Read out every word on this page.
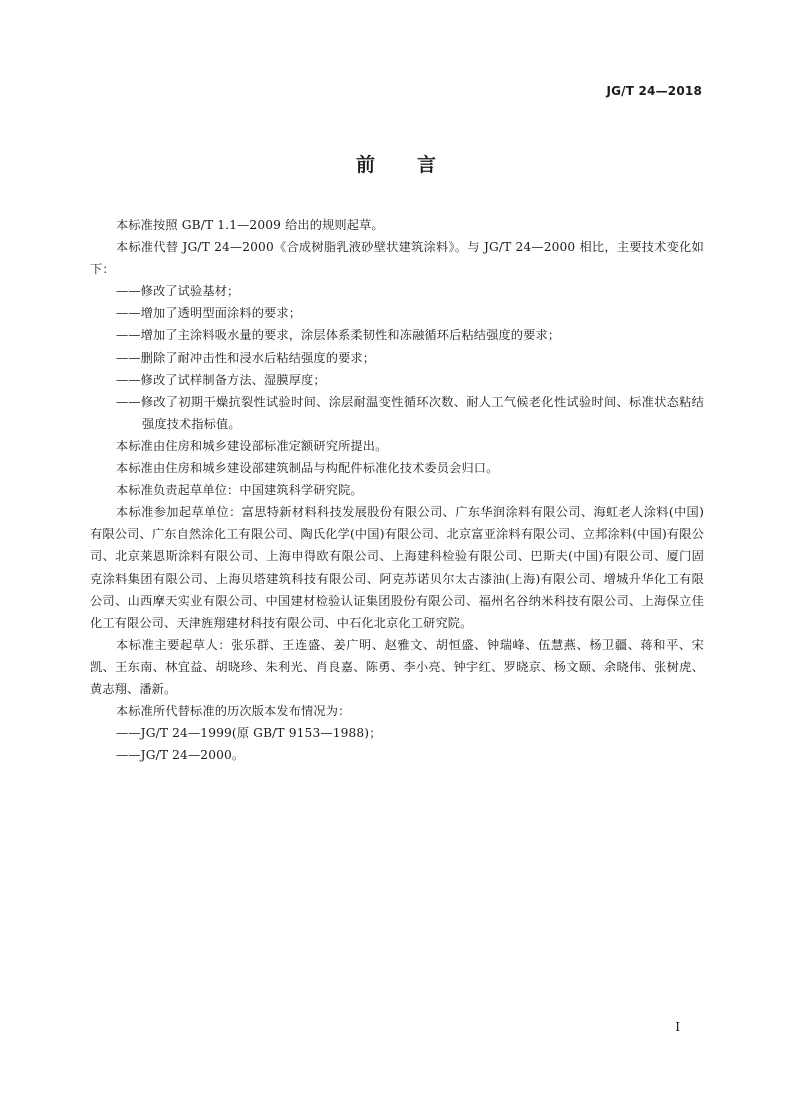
JG/T 24—2018
前言

本标准按照 GB/T 1.1—2009 给出的规则起草。

本标准代替 JG/T 24—2000《合成树脂乳液砂壁状建筑涂料》。与 JG/T 24—2000 相比，主要技术变化如下：

——修改了试验基材；

——增加了透明型面涂料的要求；

——增加了主涂料吸水量的要求，涂层体系柔韧性和冻融循环后粘结强度的要求；

——删除了耐冲击性和浸水后粘结强度的要求；

——修改了试样制备方法、湿膜厚度；

——修改了初期干燥抗裂性试验时间、涂层耐温变性循环次数、耐人工气候老化性试验时间、标准状态粘结强度技术指标值。

本标准由住房和城乡建设部标准定额研究所提出。

本标准由住房和城乡建设部建筑制品与构配件标准化技术委员会归口。

本标准负责起草单位：中国建筑科学研究院。

本标准参加起草单位：富思特新材料科技发展股份有限公司、广东华润涂料有限公司、海虹老人涂料(中国)有限公司、广东自然涂化工有限公司、陶氏化学(中国)有限公司、北京富亚涂料有限公司、立邦涂料(中国)有限公司、北京莱恩斯涂料有限公司、上海申得欧有限公司、上海建科检验有限公司、巴斯夫(中国)有限公司、厦门固克涂料集团有限公司、上海贝塔建筑科技有限公司、阿克苏诺贝尔太古漆油(上海)有限公司、增城升华化工有限公司、山西摩天实业有限公司、中国建材检验认证集团股份有限公司、福州名谷纳米科技有限公司、上海保立佳化工有限公司、天津旌翔建材科技有限公司、中石化北京化工研究院。

本标准主要起草人：张乐群、王连盛、姜广明、赵雅文、胡恒盛、钟瑞峰、伍慧燕、杨卫疆、蒋和平、宋凯、王东南、林宜益、胡晓珍、朱利光、肖良嘉、陈勇、李小亮、钟宇红、罗晓京、杨文颐、余晓伟、张树虎、黄志翔、潘新。

本标准所代替标准的历次版本发布情况为：

——JG/T 24—1999(原 GB/T 9153—1988)；

——JG/T 24—2000。

I
